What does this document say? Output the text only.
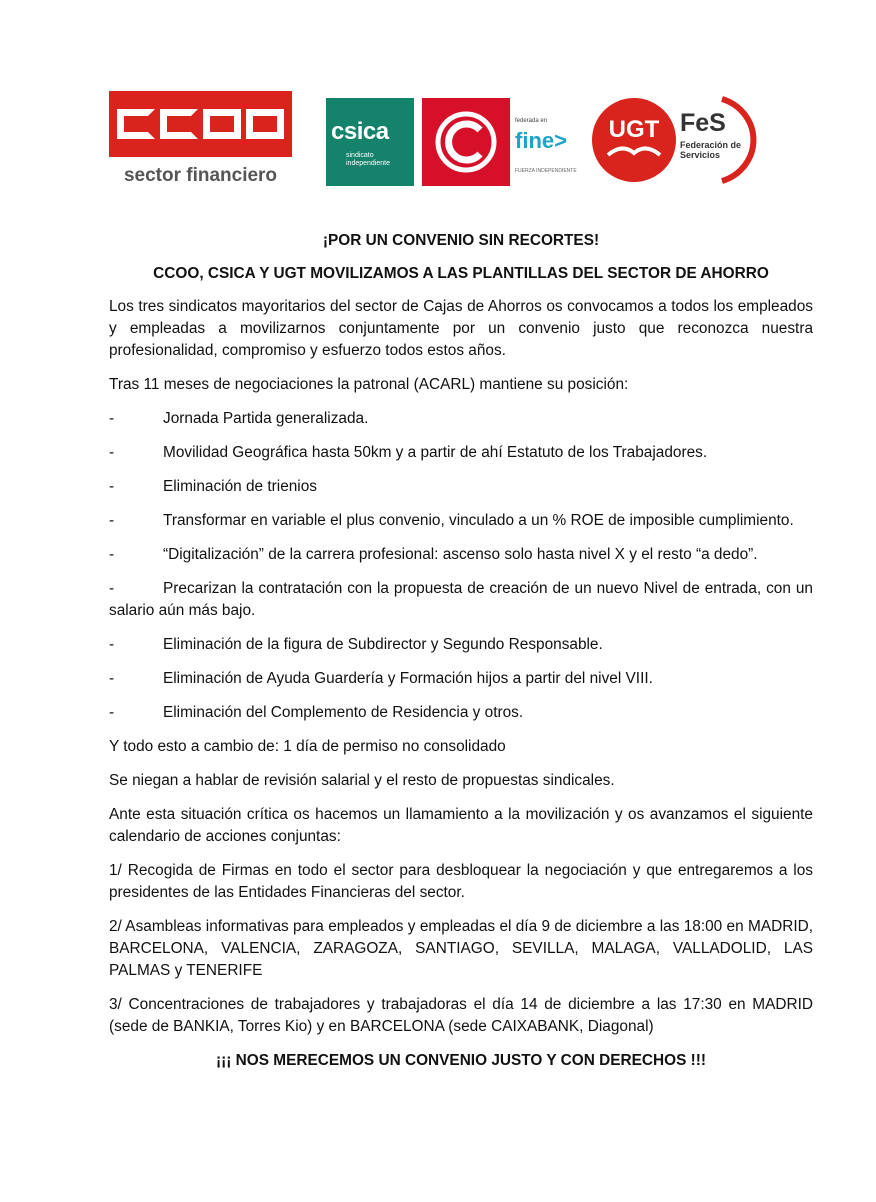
sector financiero
csica
sindicato independiente
federada en
fine>
FUERZA INDEPENDIENTE
UGT FeS
Federación de Servicios

¡POR UN CONVENIO SIN RECORTES!

CCOO, CSICA Y UGT MOVILIZAMOS A LAS PLANTILLAS DEL SECTOR DE AHORRO

Los tres sindicatos mayoritarios del sector de Cajas de Ahorros os convocamos a todos los empleados y empleadas a movilizarnos conjuntamente por un convenio justo que reconozca nuestra profesionalidad, compromiso y esfuerzo todos estos años.

Tras 11 meses de negociaciones la patronal (ACARL) mantiene su posición:

-	Jornada Partida generalizada.
-	Movilidad Geográfica hasta 50km y a partir de ahí Estatuto de los Trabajadores.
-	Eliminación de trienios
-	Transformar en variable el plus convenio, vinculado a un % ROE de imposible cumplimiento.
-	“Digitalización” de la carrera profesional: ascenso solo hasta nivel X y el resto “a dedo”.
-	Precarizan la contratación con la propuesta de creación de un nuevo Nivel de entrada, con un salario aún más bajo.
-	Eliminación de la figura de Subdirector y Segundo Responsable.
-	Eliminación de Ayuda Guardería y Formación hijos a partir del nivel VIII.
-	Eliminación del Complemento de Residencia y otros.

Y todo esto a cambio de: 1 día de permiso no consolidado

Se niegan a hablar de revisión salarial y el resto de propuestas sindicales.

Ante esta situación crítica os hacemos un llamamiento a la movilización y os avanzamos el siguiente calendario de acciones conjuntas:

1/ Recogida de Firmas en todo el sector para desbloquear la negociación y que entregaremos a los presidentes de las Entidades Financieras del sector.

2/ Asambleas informativas para empleados y empleadas el día 9 de diciembre a las 18:00 en MADRID, BARCELONA, VALENCIA, ZARAGOZA, SANTIAGO, SEVILLA, MALAGA, VALLADOLID, LAS PALMAS y TENERIFE

3/ Concentraciones de trabajadores y trabajadoras el día 14 de diciembre a las 17:30 en MADRID (sede de BANKIA, Torres Kio) y en BARCELONA (sede CAIXABANK, Diagonal)

¡¡¡ NOS MERECEMOS UN CONVENIO JUSTO Y CON DERECHOS !!!
